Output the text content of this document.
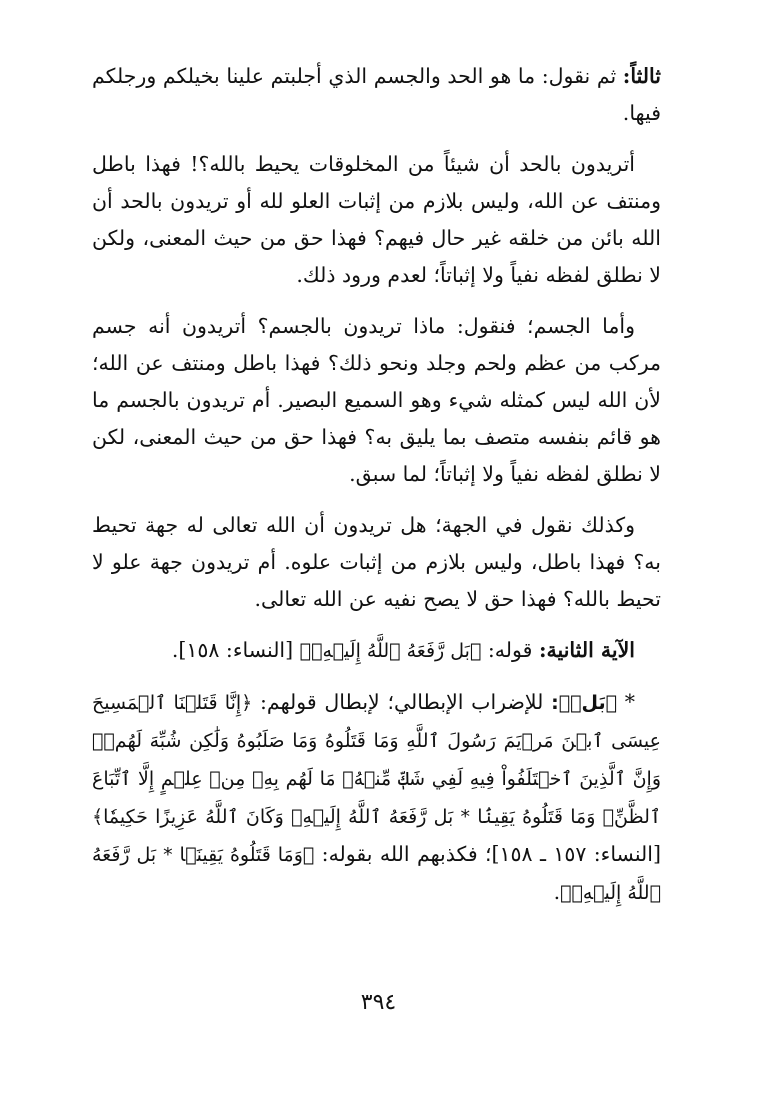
ثالثاً: ثم نقول: ما هو الحد والجسم الذي أجلبتم علينا بخيلكم ورجلكم فيها.

أتريدون بالحد أن شيئاً من المخلوقات يحيط بالله؟! فهذا باطل ومنتف عن الله، وليس بلازم من إثبات العلو لله أو تريدون بالحد أن الله بائن من خلقه غير حال فيهم؟ فهذا حق من حيث المعنى، ولكن لا نطلق لفظه نفياً ولا إثباتاً؛ لعدم ورود ذلك.

وأما الجسم؛ فنقول: ماذا تريدون بالجسم؟ أتريدون أنه جسم مركب من عظم ولحم وجلد ونحو ذلك؟ فهذا باطل ومنتف عن الله؛ لأن الله ليس كمثله شيء وهو السميع البصير. أم تريدون بالجسم ما هو قائم بنفسه متصف بما يليق به؟ فهذا حق من حيث المعنى، لكن لا نطلق لفظه نفياً ولا إثباتاً؛ لما سبق.

وكذلك نقول في الجهة؛ هل تريدون أن الله تعالى له جهة تحيط به؟ فهذا باطل، وليس بلازم من إثبات علوه. أم تريدون جهة علو لا تحيط بالله؟ فهذا حق لا يصح نفيه عن الله تعالى.

الآية الثانية: قوله: ﴿بَل رَّفَعَهُ ٱللَّهُ إِلَيۡهِۚ﴾ [النساء: ١٥٨].

* ﴿بَلۚ﴾: للإضراب الإبطالي؛ لإبطال قولهم: ﴿إِنَّا قَتَلۡنَا ٱلۡمَسِيحَ عِيسَى ٱبۡنَ مَرۡيَمَ رَسُولَ ٱللَّهِ وَمَا قَتَلُوهُ وَمَا صَلَبُوهُ وَلَٰكِن شُبِّهَ لَهُمۡۚ وَإِنَّ ٱلَّذِينَ ٱخۡتَلَفُواْ فِيهِ لَفِي شَكّٖ مِّنۡهُۚ مَا لَهُم بِهِۦ مِنۡ عِلۡمٍ إِلَّا ٱتِّبَاعَ ٱلظَّنِّۚ وَمَا قَتَلُوهُ يَقِينَۢا * بَل رَّفَعَهُ ٱللَّهُ إِلَيۡهِۚ وَكَانَ ٱللَّهُ عَزِيزًا حَكِيمٗا﴾ [النساء: ١٥٧ ـ ١٥٨]؛ فكذبهم الله بقوله: ﴿وَمَا قَتَلُوهُ يَقِينَۢا * بَل رَّفَعَهُ ٱللَّهُ إِلَيۡهِۚ﴾.

٣٩٤
